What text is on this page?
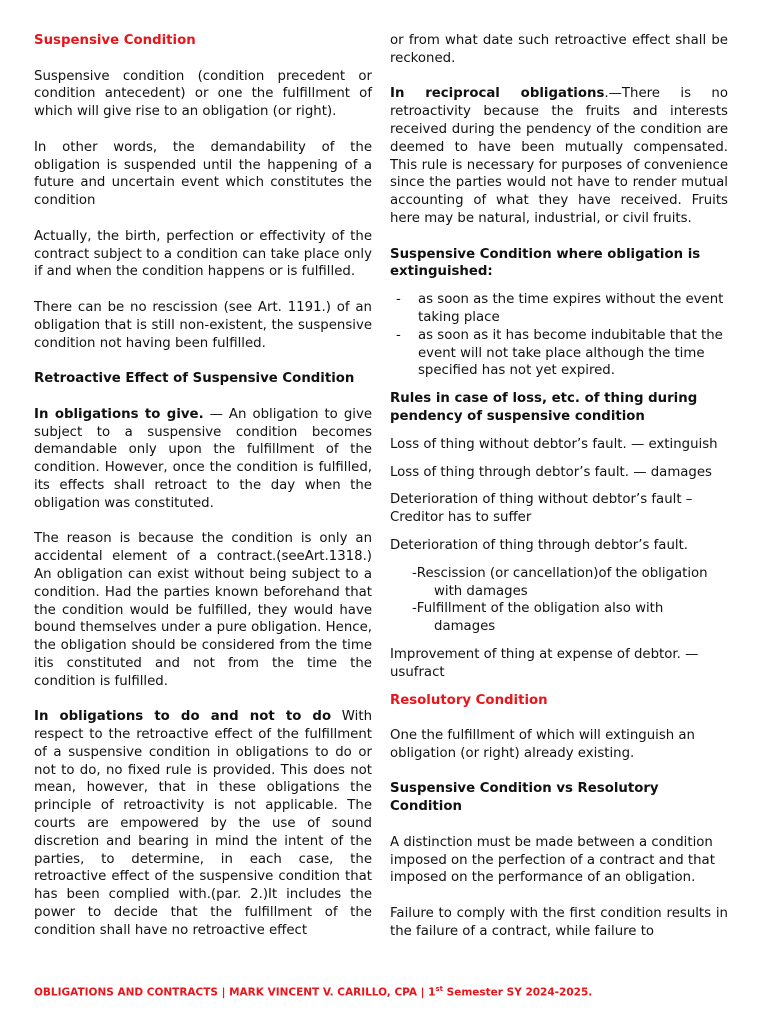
Suspensive Condition

Suspensive condition (condition precedent or condition antecedent) or one the fulfillment of which will give rise to an obligation (or right).

In other words, the demandability of the obligation is suspended until the happening of a future and uncertain event which constitutes the condition

Actually, the birth, perfection or effectivity of the contract subject to a condition can take place only if and when the condition happens or is fulfilled.

There can be no rescission (see Art. 1191.) of an obligation that is still non-existent, the suspensive condition not having been fulfilled.

Retroactive Effect of Suspensive Condition

In obligations to give. — An obligation to give subject to a suspensive condition becomes demandable only upon the fulfillment of the condition. However, once the condition is fulfilled, its effects shall retroact to the day when the obligation was constituted.

The reason is because the condition is only an accidental element of a contract.(seeArt.1318.) An obligation can exist without being subject to a condition. Had the parties known beforehand that the condition would be fulfilled, they would have bound themselves under a pure obligation. Hence, the obligation should be considered from the time itis constituted and not from the time the condition is fulfilled.

In obligations to do and not to do With respect to the retroactive effect of the fulfillment of a suspensive condition in obligations to do or not to do, no fixed rule is provided. This does not mean, however, that in these obligations the principle of retroactivity is not applicable. The courts are empowered by the use of sound discretion and bearing in mind the intent of the parties, to determine, in each case, the retroactive effect of the suspensive condition that has been complied with.(par. 2.)It includes the power to decide that the fulfillment of the condition shall have no retroactive effect

or from what date such retroactive effect shall be reckoned.

In reciprocal obligations.—There is no retroactivity because the fruits and interests received during the pendency of the condition are deemed to have been mutually compensated. This rule is necessary for purposes of convenience since the parties would not have to render mutual accounting of what they have received. Fruits here may be natural, industrial, or civil fruits.

Suspensive Condition where obligation is extinguished:

- as soon as the time expires without the event taking place
- as soon as it has become indubitable that the event will not take place although the time specified has not yet expired.

Rules in case of loss, etc. of thing during pendency of suspensive condition

Loss of thing without debtor’s fault. — extinguish

Loss of thing through debtor’s fault. — damages

Deterioration of thing without debtor’s fault – Creditor has to suffer

Deterioration of thing through debtor’s fault.

-Rescission (or cancellation)of the obligation with damages
-Fulfillment of the obligation also with damages

Improvement of thing at expense of debtor. — usufract

Resolutory Condition

One the fulfillment of which will extinguish an obligation (or right) already existing.

Suspensive Condition vs Resolutory Condition

A distinction must be made between a condition imposed on the perfection of a contract and that imposed on the performance of an obligation.

Failure to comply with the first condition results in the failure of a contract, while failure to

OBLIGATIONS AND CONTRACTS | MARK VINCENT V. CARILLO, CPA | 1st Semester SY 2024-2025.
